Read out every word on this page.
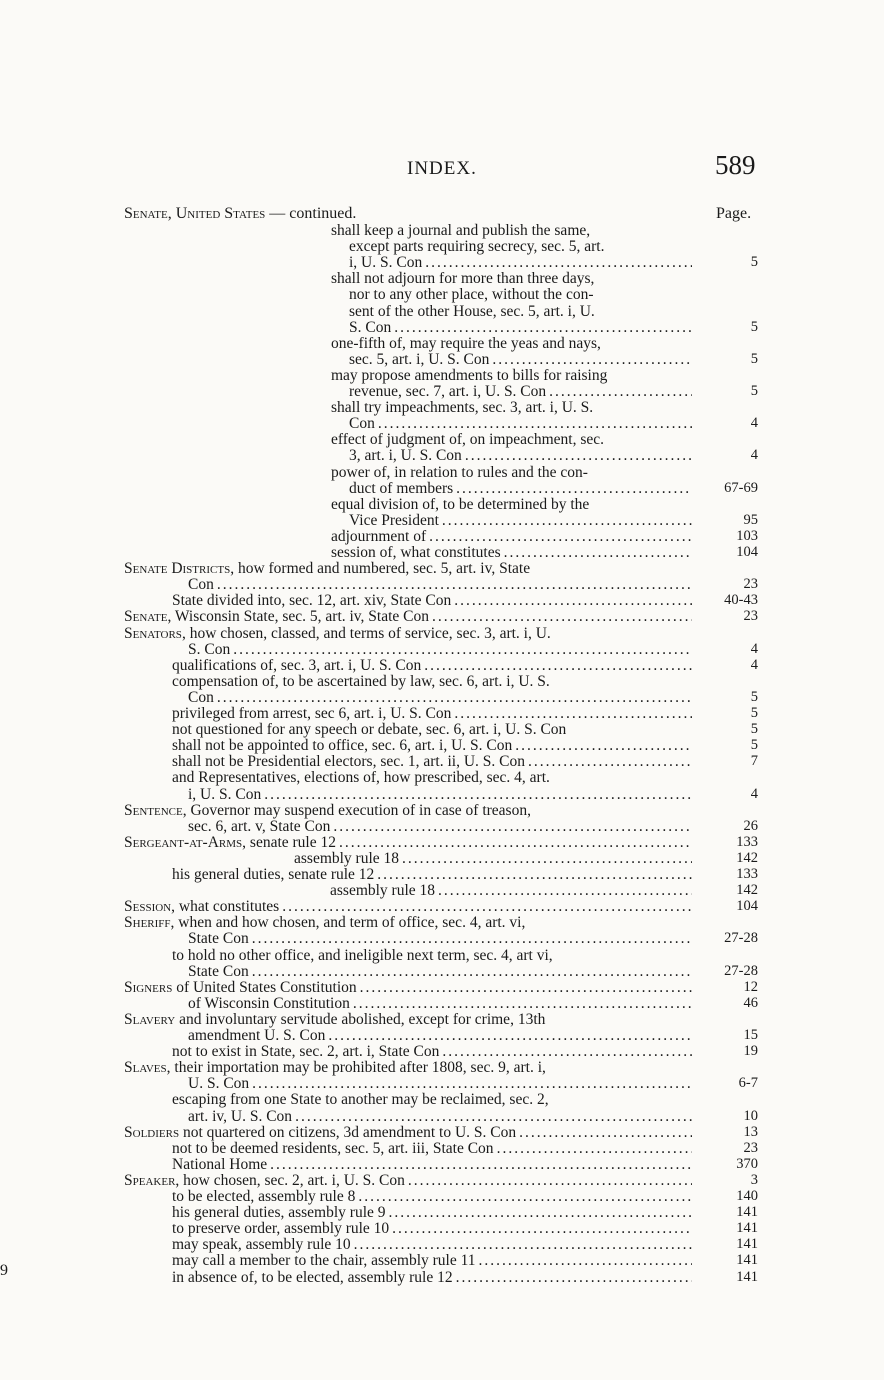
INDEX.	589
Page.
Senate, United States — continued.
shall keep a journal and publish the same,
except parts requiring secrecy, sec. 5, art.
i, U. S. Con .....	5
shall not adjourn for more than three days,
nor to any other place, without the con-
sent of the other House, sec. 5, art. i, U.
S. Con .....	5
one-fifth of, may require the yeas and nays,
sec. 5, art. i, U. S. Con .....	5
may propose amendments to bills for raising
revenue, sec. 7, art. i, U. S. Con .....	5
shall try impeachments, sec. 3, art. i, U. S.
Con .....	4
effect of judgment of, on impeachment, sec.
3, art. i, U. S. Con .....	4
power of, in relation to rules and the con-
duct of members .....	67-69
equal division of, to be determined by the
Vice President .....	95
adjournment of .....	103
session of, what constitutes .....	104
Senate Districts, how formed and numbered, sec. 5, art. iv, State
Con .....	23
State divided into, sec. 12, art. xiv, State Con .....	40-43
Senate, Wisconsin State, sec. 5, art. iv, State Con .....	23
Senators, how chosen, classed, and terms of service, sec. 3, art. i, U.
S. Con .....	4
qualifications of, sec. 3, art. i, U. S. Con .....	4
compensation of, to be ascertained by law, sec. 6, art. i, U. S.
Con .....	5
privileged from arrest, sec 6, art. i, U. S. Con .....	5
not questioned for any speech or debate, sec. 6, art. i, U. S. Con	5
shall not be appointed to office, sec. 6, art. i, U. S. Con .....	5
shall not be Presidential electors, sec. 1, art. ii, U. S. Con .....	7
and Representatives, elections of, how prescribed, sec. 4, art.
i, U. S. Con .....	4
Sentence, Governor may suspend execution of in case of treason,
sec. 6, art. v, State Con .....	26
Sergeant-at-Arms, senate rule 12 .....	133
assembly rule 18 .....	142
his general duties, senate rule 12 .....	133
assembly rule 18 .....	142
Session, what constitutes .....	104
Sheriff, when and how chosen, and term of office, sec. 4, art. vi,
State Con .....	27-28
to hold no other office, and ineligible next term, sec. 4, art vi,
State Con .....	27-28
Signers of United States Constitution .....	12
of Wisconsin Constitution .....	46
Slavery and involuntary servitude abolished, except for crime, 13th
amendment U. S. Con .....	15
not to exist in State, sec. 2, art. i, State Con .....	19
Slaves, their importation may be prohibited after 1808, sec. 9, art. i,
U. S. Con .....	6-7
escaping from one State to another may be reclaimed, sec. 2,
art. iv, U. S. Con .....	10
Soldiers not quartered on citizens, 3d amendment to U. S. Con .....	13
not to be deemed residents, sec. 5, art. iii, State Con .....	23
National Home .....	370
Speaker, how chosen, sec. 2, art. i, U. S. Con .....	3
to be elected, assembly rule 8 .....	140
his general duties, assembly rule 9 .....	141
to preserve order, assembly rule 10 .....	141
may speak, assembly rule 10 .....	141
may call a member to the chair, assembly rule 11 .....	141
in absence of, to be elected, assembly rule 12 .....	141
9
